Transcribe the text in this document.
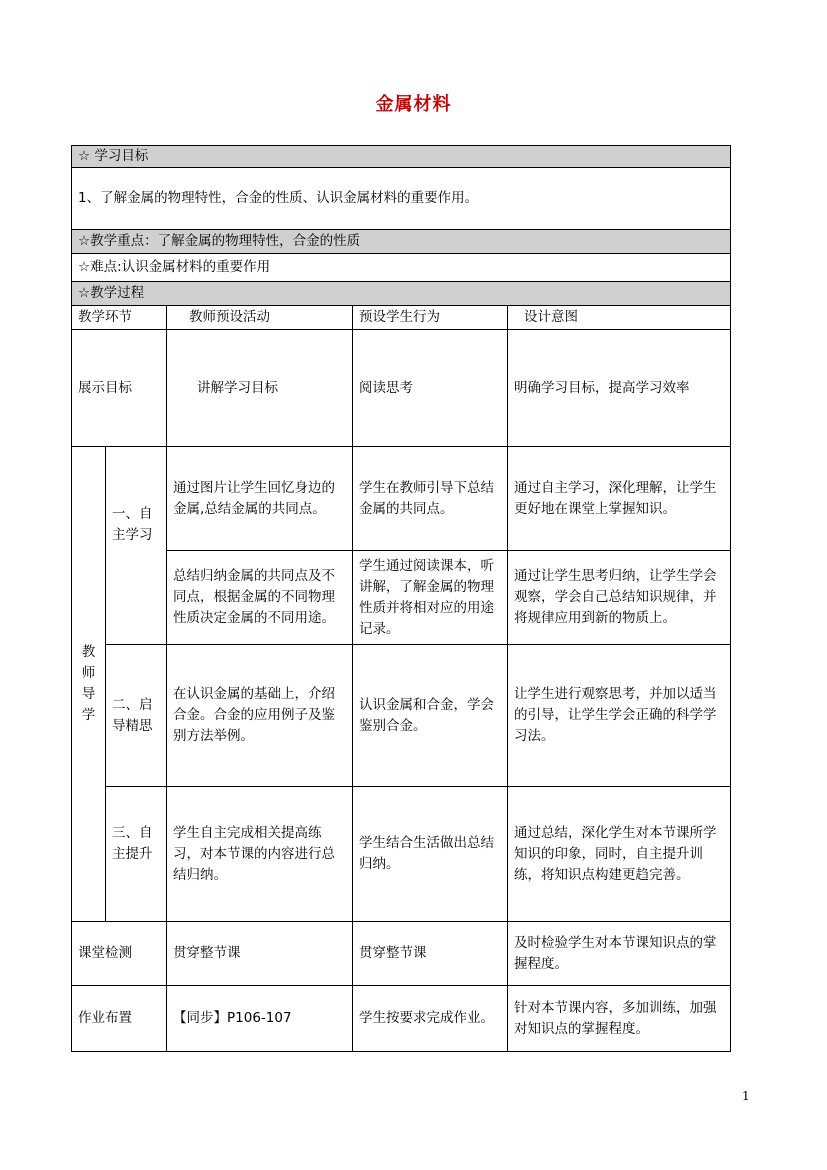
金属材料
☆ 学习目标				
1、了解金属的物理特性，合金的性质、认识金属材料的重要作用。				
☆教学重点：了解金属的物理特性，合金的性质				
☆难点:认识金属材料的重要作用				
☆教学过程				
教学环节		教师预设活动	预设学生行为	设计意图
展示目标		讲解学习目标	阅读思考	明确学习目标，提高学习效率

教师导学	一、自主学习	通过图片让学生回忆身边的金属,总结金属的共同点。	学生在教师引导下总结金属的共同点。	通过自主学习，深化理解，让学生更好地在课堂上掌握知识。
		总结归纳金属的共同点及不同点，根据金属的不同物理性质决定金属的不同用途。	学生通过阅读课本，听讲解，了解金属的物理性质并将相对应的用途记录。	通过让学生思考归纳，让学生学会观察，学会自己总结知识规律，并将规律应用到新的物质上。
	二、启导精思	在认识金属的基础上，介绍合金。合金的应用例子及鉴别方法举例。	认识金属和合金，学会鉴别合金。	让学生进行观察思考，并加以适当的引导，让学生学会正确的科学学习法。

	三、自主提升	学生自主完成相关提高练习，对本节课的内容进行总结归纳。	学生结合生活做出总结归纳。	通过总结，深化学生对本节课所学知识的印象，同时，自主提升训练，将知识点构建更趋完善。
课堂检测		贯穿整节课	贯穿整节课	及时检验学生对本节课知识点的掌握程度。
作业布置		【同步】P106-107	学生按要求完成作业。	针对本节课内容，多加训练，加强对知识点的掌握程度。
1
